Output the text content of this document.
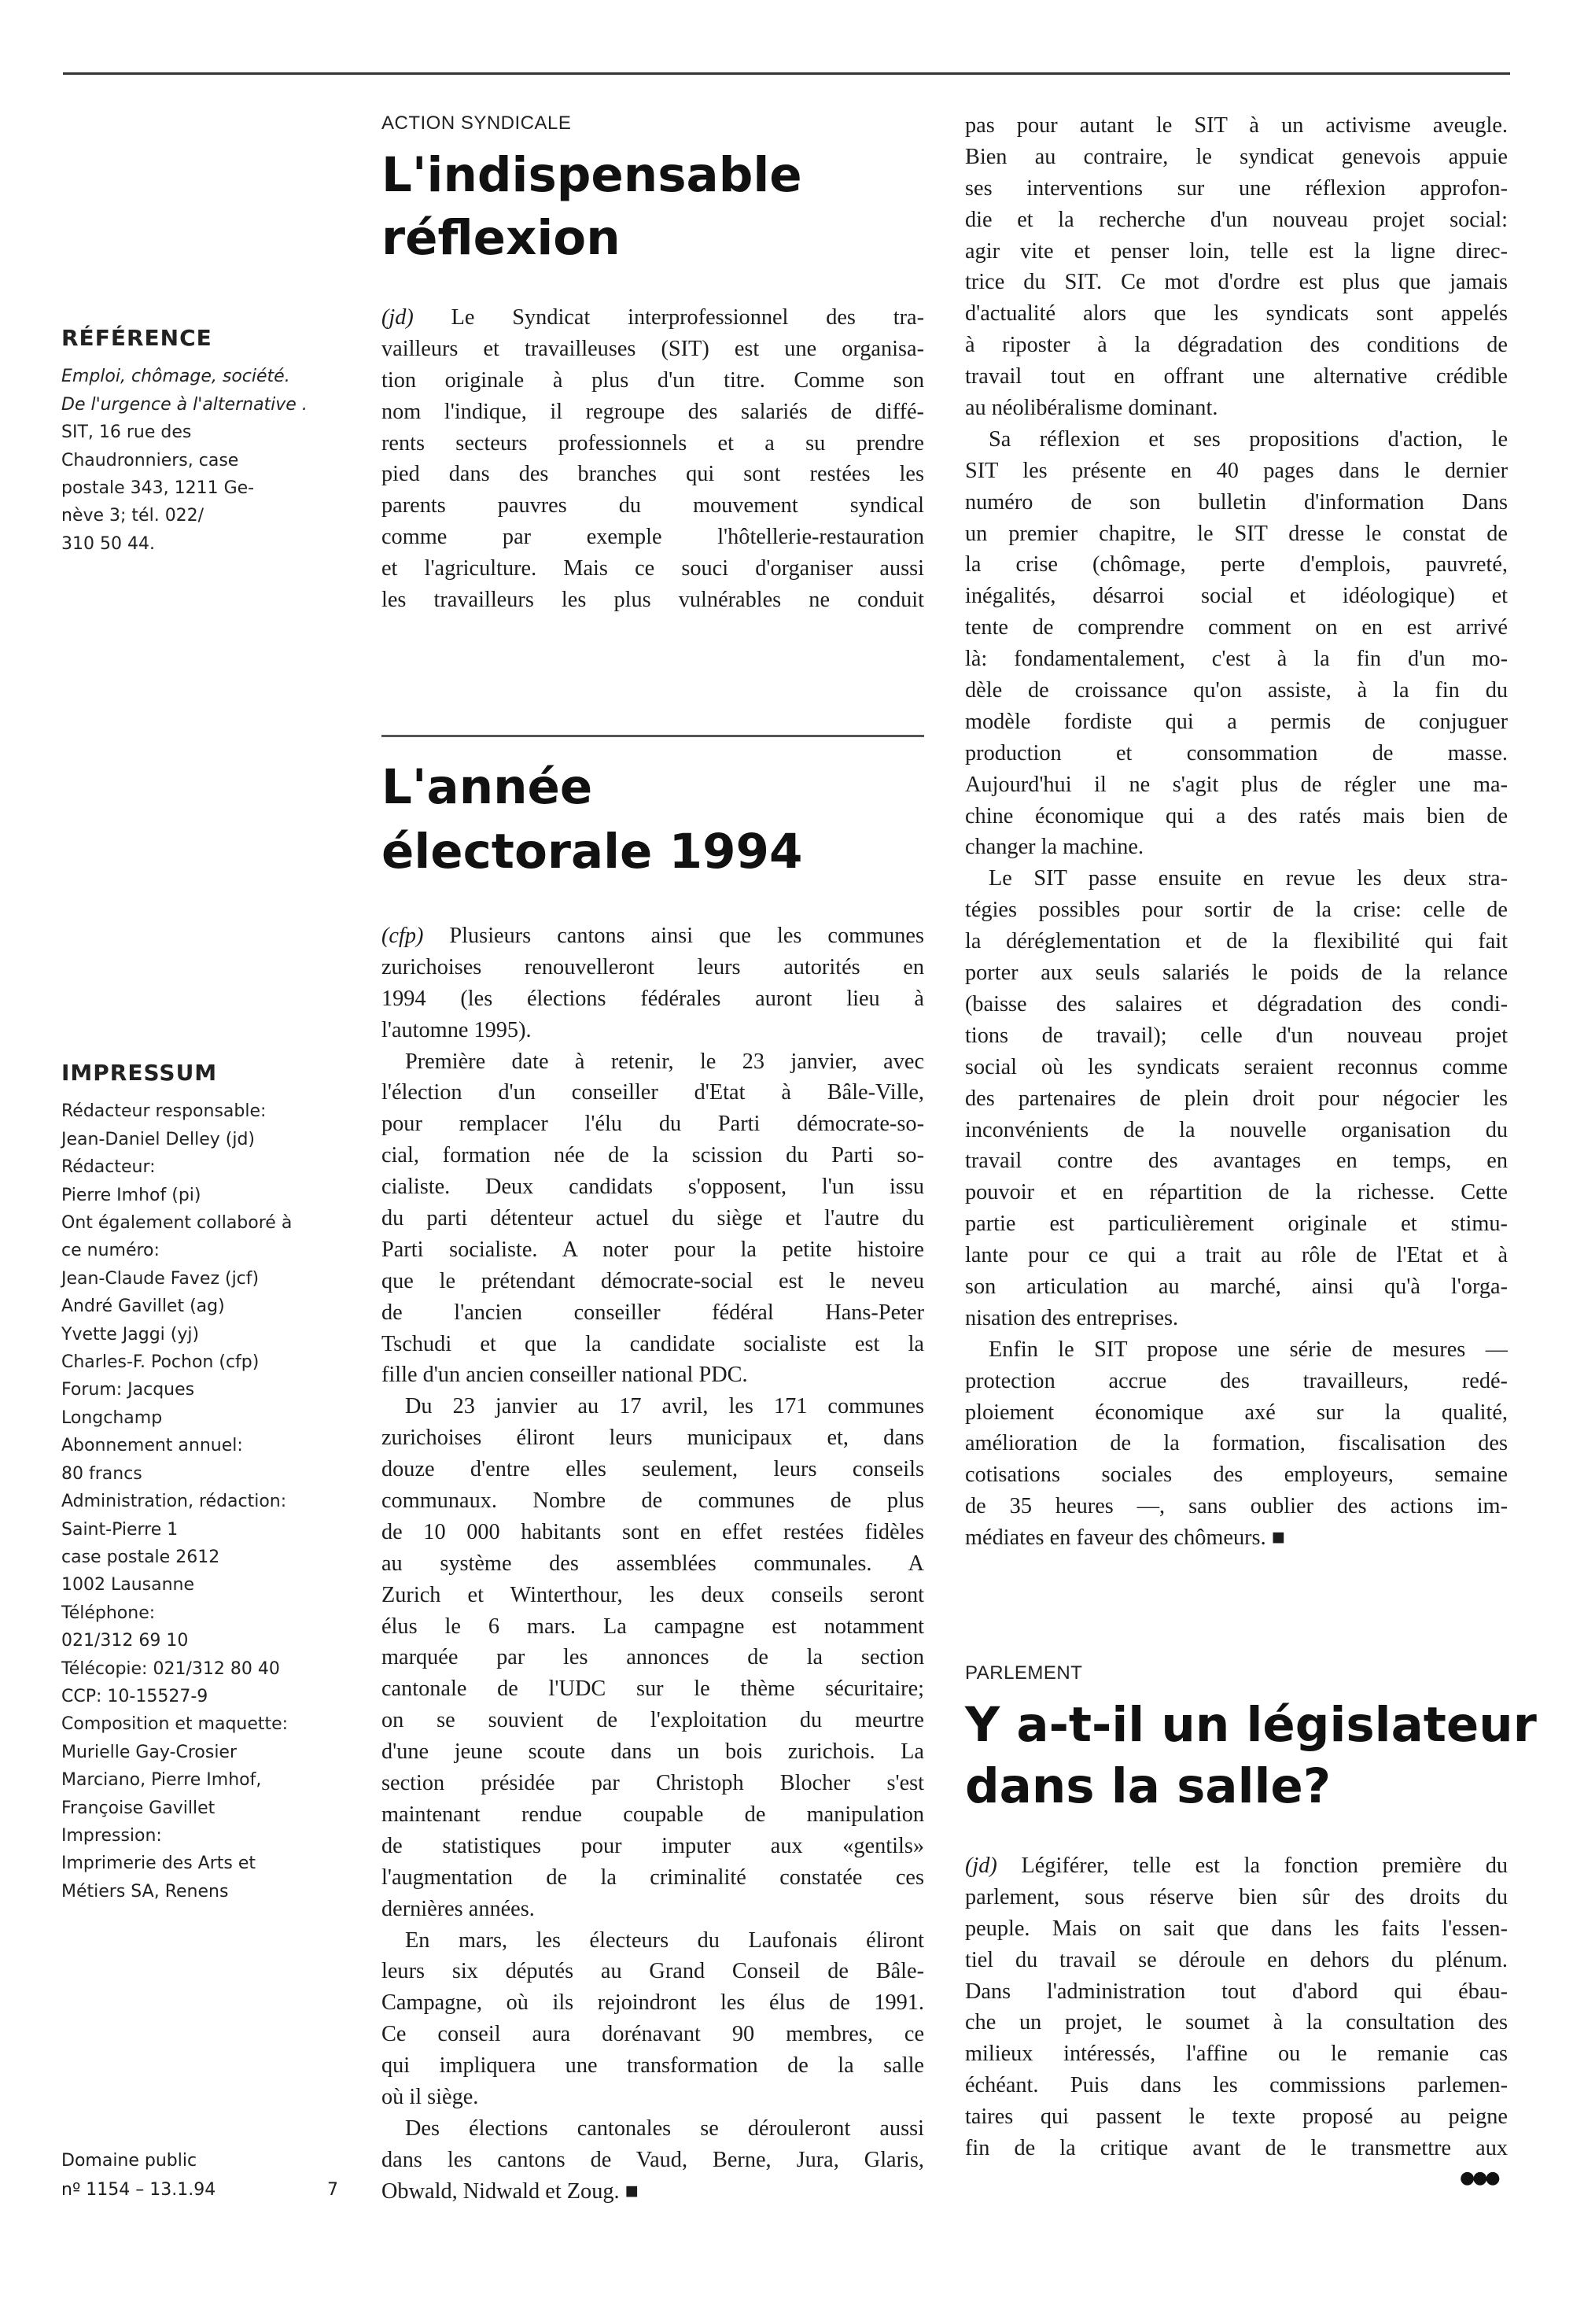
RÉFÉRENCE
Emploi, chômage, société.
De l'urgence à l'alternative .
SIT, 16 rue des
Chaudronniers, case
postale 343, 1211 Ge-
nève 3; tél. 022/
310 50 44.
IMPRESSUM
Rédacteur responsable:
Jean-Daniel Delley (jd)
Rédacteur:
Pierre Imhof (pi)
Ont également collaboré à
ce numéro:
Jean-Claude Favez (jcf)
André Gavillet (ag)
Yvette Jaggi (yj)
Charles-F. Pochon (cfp)
Forum: Jacques
Longchamp
Abonnement annuel:
80 francs
Administration, rédaction:
Saint-Pierre 1
case postale 2612
1002 Lausanne
Téléphone:
021/312 69 10
Télécopie: 021/312 80 40
CCP: 10-15527-9
Composition et maquette:
Murielle Gay-Crosier
Marciano, Pierre Imhof,
Françoise Gavillet
Impression:
Imprimerie des Arts et
Métiers SA, Renens
Domaine public
nº 1154 – 13.1.94	7
ACTION SYNDICALE
L'indispensable
réflexion
(jd) Le Syndicat interprofessionnel des tra-
vailleurs et travailleuses (SIT) est une organisa-
tion originale à plus d'un titre. Comme son
nom l'indique, il regroupe des salariés de diffé-
rents secteurs professionnels et a su prendre
pied dans des branches qui sont restées les
parents pauvres du mouvement syndical
comme par exemple l'hôtellerie-restauration
et l'agriculture. Mais ce souci d'organiser aussi
les travailleurs les plus vulnérables ne conduit
pas pour autant le SIT à un activisme aveugle.
Bien au contraire, le syndicat genevois appuie
ses interventions sur une réflexion approfon-
die et la recherche d'un nouveau projet social:
agir vite et penser loin, telle est la ligne direc-
trice du SIT. Ce mot d'ordre est plus que jamais
d'actualité alors que les syndicats sont appelés
à riposter à la dégradation des conditions de
travail tout en offrant une alternative crédible
au néolibéralisme dominant.
Sa réflexion et ses propositions d'action, le
SIT les présente en 40 pages dans le dernier
numéro de son bulletin d'information Dans
un premier chapitre, le SIT dresse le constat de
la crise (chômage, perte d'emplois, pauvreté,
inégalités, désarroi social et idéologique) et
tente de comprendre comment on en est arrivé
là: fondamentalement, c'est à la fin d'un mo-
dèle de croissance qu'on assiste, à la fin du
modèle fordiste qui a permis de conjuguer
production et consommation de masse.
Aujourd'hui il ne s'agit plus de régler une ma-
chine économique qui a des ratés mais bien de
changer la machine.
Le SIT passe ensuite en revue les deux stra-
tégies possibles pour sortir de la crise: celle de
la déréglementation et de la flexibilité qui fait
porter aux seuls salariés le poids de la relance
(baisse des salaires et dégradation des condi-
tions de travail); celle d'un nouveau projet
social où les syndicats seraient reconnus comme
des partenaires de plein droit pour négocier les
inconvénients de la nouvelle organisation du
travail contre des avantages en temps, en
pouvoir et en répartition de la richesse. Cette
partie est particulièrement originale et stimu-
lante pour ce qui a trait au rôle de l'Etat et à
son articulation au marché, ainsi qu'à l'orga-
nisation des entreprises.
Enfin le SIT propose une série de mesures —
protection accrue des travailleurs, redé-
ploiement économique axé sur la qualité,
amélioration de la formation, fiscalisation des
cotisations sociales des employeurs, semaine
de 35 heures —, sans oublier des actions im-
médiates en faveur des chômeurs. ■
L'année
électorale 1994
(cfp) Plusieurs cantons ainsi que les communes
zurichoises renouvelleront leurs autorités en
1994 (les élections fédérales auront lieu à
l'automne 1995).
Première date à retenir, le 23 janvier, avec
l'élection d'un conseiller d'Etat à Bâle-Ville,
pour remplacer l'élu du Parti démocrate-so-
cial, formation née de la scission du Parti so-
cialiste. Deux candidats s'opposent, l'un issu
du parti détenteur actuel du siège et l'autre du
Parti socialiste. A noter pour la petite histoire
que le prétendant démocrate-social est le neveu
de l'ancien conseiller fédéral Hans-Peter
Tschudi et que la candidate socialiste est la
fille d'un ancien conseiller national PDC.
Du 23 janvier au 17 avril, les 171 communes
zurichoises éliront leurs municipaux et, dans
douze d'entre elles seulement, leurs conseils
communaux. Nombre de communes de plus
de 10 000 habitants sont en effet restées fidèles
au système des assemblées communales. A
Zurich et Winterthour, les deux conseils seront
élus le 6 mars. La campagne est notamment
marquée par les annonces de la section
cantonale de l'UDC sur le thème sécuritaire;
on se souvient de l'exploitation du meurtre
d'une jeune scoute dans un bois zurichois. La
section présidée par Christoph Blocher s'est
maintenant rendue coupable de manipulation
de statistiques pour imputer aux «gentils»
l'augmentation de la criminalité constatée ces
dernières années.
En mars, les électeurs du Laufonais éliront
leurs six députés au Grand Conseil de Bâle-
Campagne, où ils rejoindront les élus de 1991.
Ce conseil aura dorénavant 90 membres, ce
qui impliquera une transformation de la salle
où il siège.
Des élections cantonales se dérouleront aussi
dans les cantons de Vaud, Berne, Jura, Glaris,
Obwald, Nidwald et Zoug. ■
PARLEMENT
Y a-t-il un législateur
dans la salle?
(jd) Légiférer, telle est la fonction première du
parlement, sous réserve bien sûr des droits du
peuple. Mais on sait que dans les faits l'essen-
tiel du travail se déroule en dehors du plénum.
Dans l'administration tout d'abord qui ébau-
che un projet, le soumet à la consultation des
milieux intéressés, l'affine ou le remanie cas
échéant. Puis dans les commissions parlemen-
taires qui passent le texte proposé au peigne
fin de la critique avant de le transmettre aux
●●●
